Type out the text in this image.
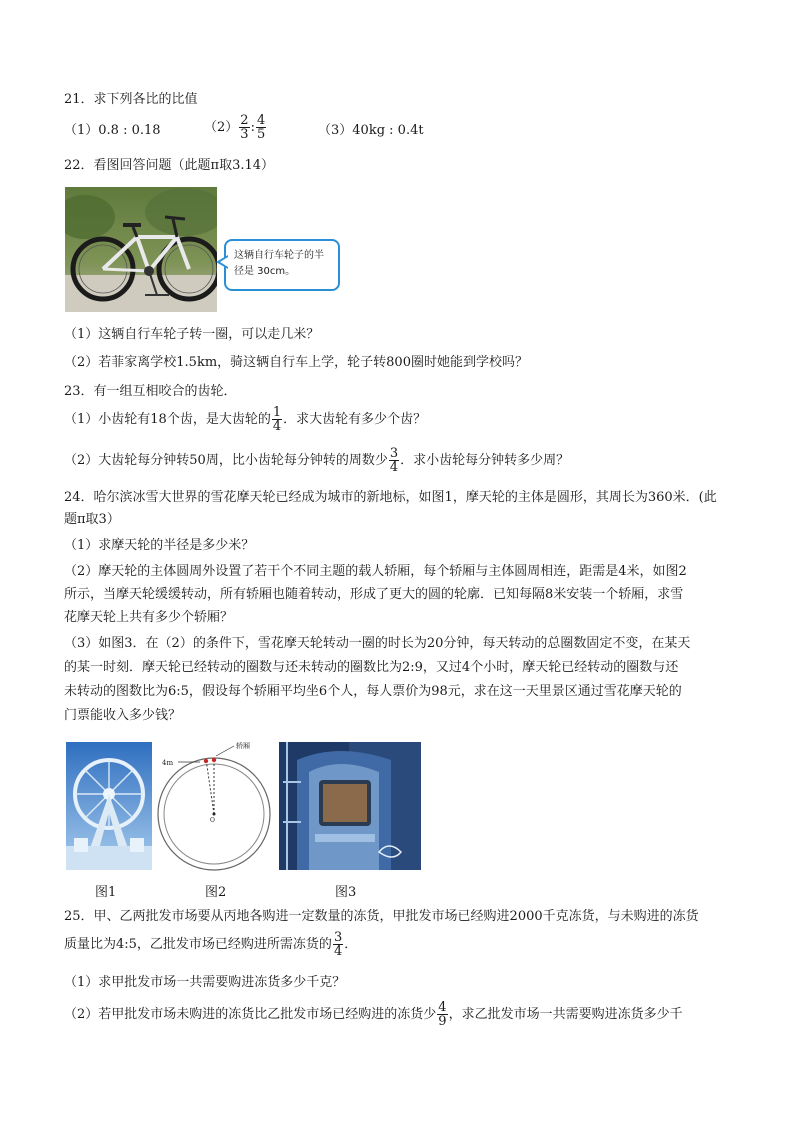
21．求下列各比的比值
（1）0.8 : 0.18	$(2) \frac{2}{3}$ : $\frac{4}{5}$	（3）40kg : 0.4t
22．看图回答问题（此题π取3.14）
这辆自行车轮子的半
径是 30cm。
（1）这辆自行车轮子转一圈，可以走几米？
（2）若菲家离学校1.5km，骑这辆自行车上学，轮子转800圈时她能到学校吗？
23．有一组互相咬合的齿轮．
（1）小齿轮有18个齿，是大齿轮的 $\frac{1}{4}$ ．求大齿轮有多少个齿？
（2）大齿轮每分钟转50周，比小齿轮每分钟转的周数少 $\frac{3}{4}$ ．求小齿轮每分钟转多少周？
24．哈尔滨冰雪大世界的雪花摩天轮已经成为城市的新地标，如图1，摩天轮的主体是圆形，其周长为360米．(此
题π取3）
（1）求摩天轮的半径是多少米？
（2）摩天轮的主体圆周外设置了若干个不同主题的载人轿厢，每个轿厢与主体圆周相连，距需是4米，如图2
所示，当摩天轮缓缓转动，所有轿厢也随着转动，形成了更大的圆的轮廓．已知每隔8米安装一个轿厢，求雪
花摩天轮上共有多少个轿厢？
（3）如图3．在（2）的条件下，雪花摩天轮转动一圈的时长为20分钟，每天转动的总圈数固定不变，在某天
的某一时刻．摩天轮已经转动的圈数与还未转动的圈数比为2:9，又过4个小时，摩天轮已经转动的圈数与还
未转动的图数比为6:5，假设每个轿厢平均坐6个人，每人票价为98元，求在这一天里景区通过雪花摩天轮的
门票能收入多少钱？
轿厢
4m
O
图1	图2	图3
25．甲、乙两批发市场要从丙地各购进一定数量的冻货，甲批发市场已经购进2000千克冻货，与未购进的冻货
质量比为4:5，乙批发市场已经购进所需冻货的 $\frac{3}{4}$ ．
（1）求甲批发市场一共需要购进冻货多少千克？
（2）若甲批发市场未购进的冻货比乙批发市场已经购进的冻货少 $\frac{4}{9}$ ，求乙批发市场一共需要购进冻货多少千
